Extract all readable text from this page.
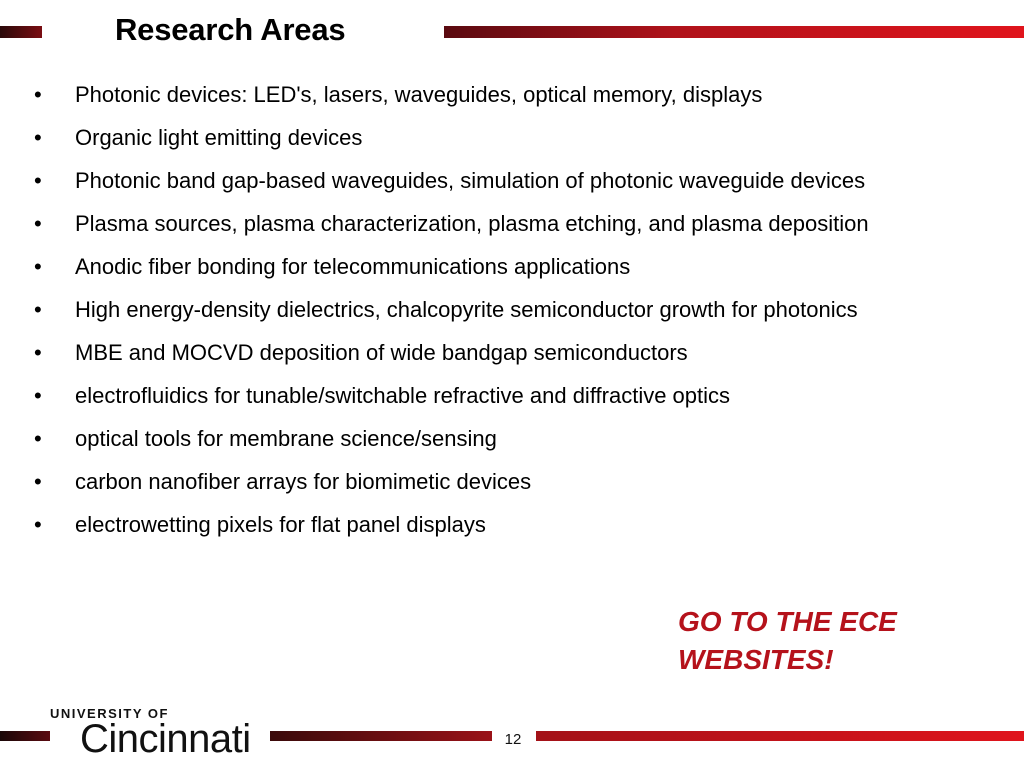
Research Areas
• Photonic devices: LED's, lasers, waveguides, optical memory, displays
• Organic light emitting devices
• Photonic band gap-based waveguides, simulation of photonic waveguide devices
• Plasma sources, plasma characterization, plasma etching, and plasma deposition
• Anodic fiber bonding for telecommunications applications
• High energy-density dielectrics, chalcopyrite semiconductor growth for photonics
• MBE and MOCVD deposition of wide bandgap semiconductors
• electrofluidics for tunable/switchable refractive and diffractive optics
• optical tools for membrane science/sensing
• carbon nanofiber arrays for biomimetic devices
• electrowetting pixels for flat panel displays
GO TO THE ECE WEBSITES!
UNIVERSITY OF
Cincinnati	12
